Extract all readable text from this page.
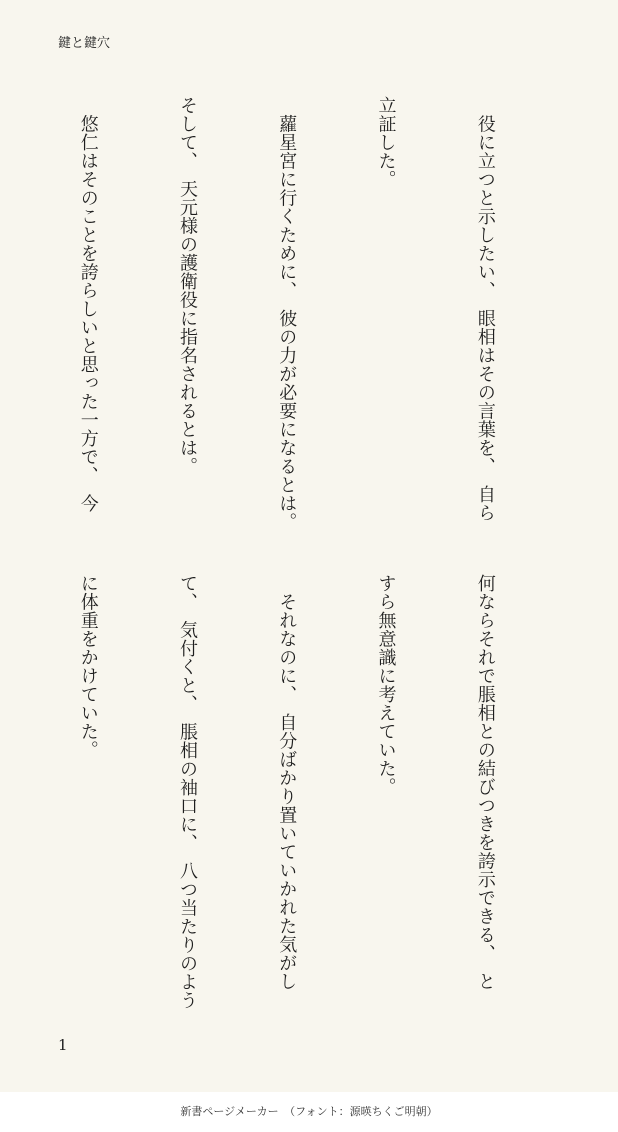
鍵と鍵穴

　役に立つと示したい、　眼相はその言葉を、　自ら

立証した。

　蘿星宮に行くために、　彼の力が必要になるとは。

そして、　天元様の護衛役に指名されるとは。

　悠仁はそのことを誇らしいと思った一方で、　今

何ならそれで脹相との結びつきを誇示できる、　と

すら無意識に考えていた。

　それなのに、　自分ばかり置いていかれた気がし

て、　気付くと、　脹相の袖口に、　八つ当たりのよう

に体重をかけていた。

1
新書ページメーカー　（フォント：源暎ちくご明朝）
